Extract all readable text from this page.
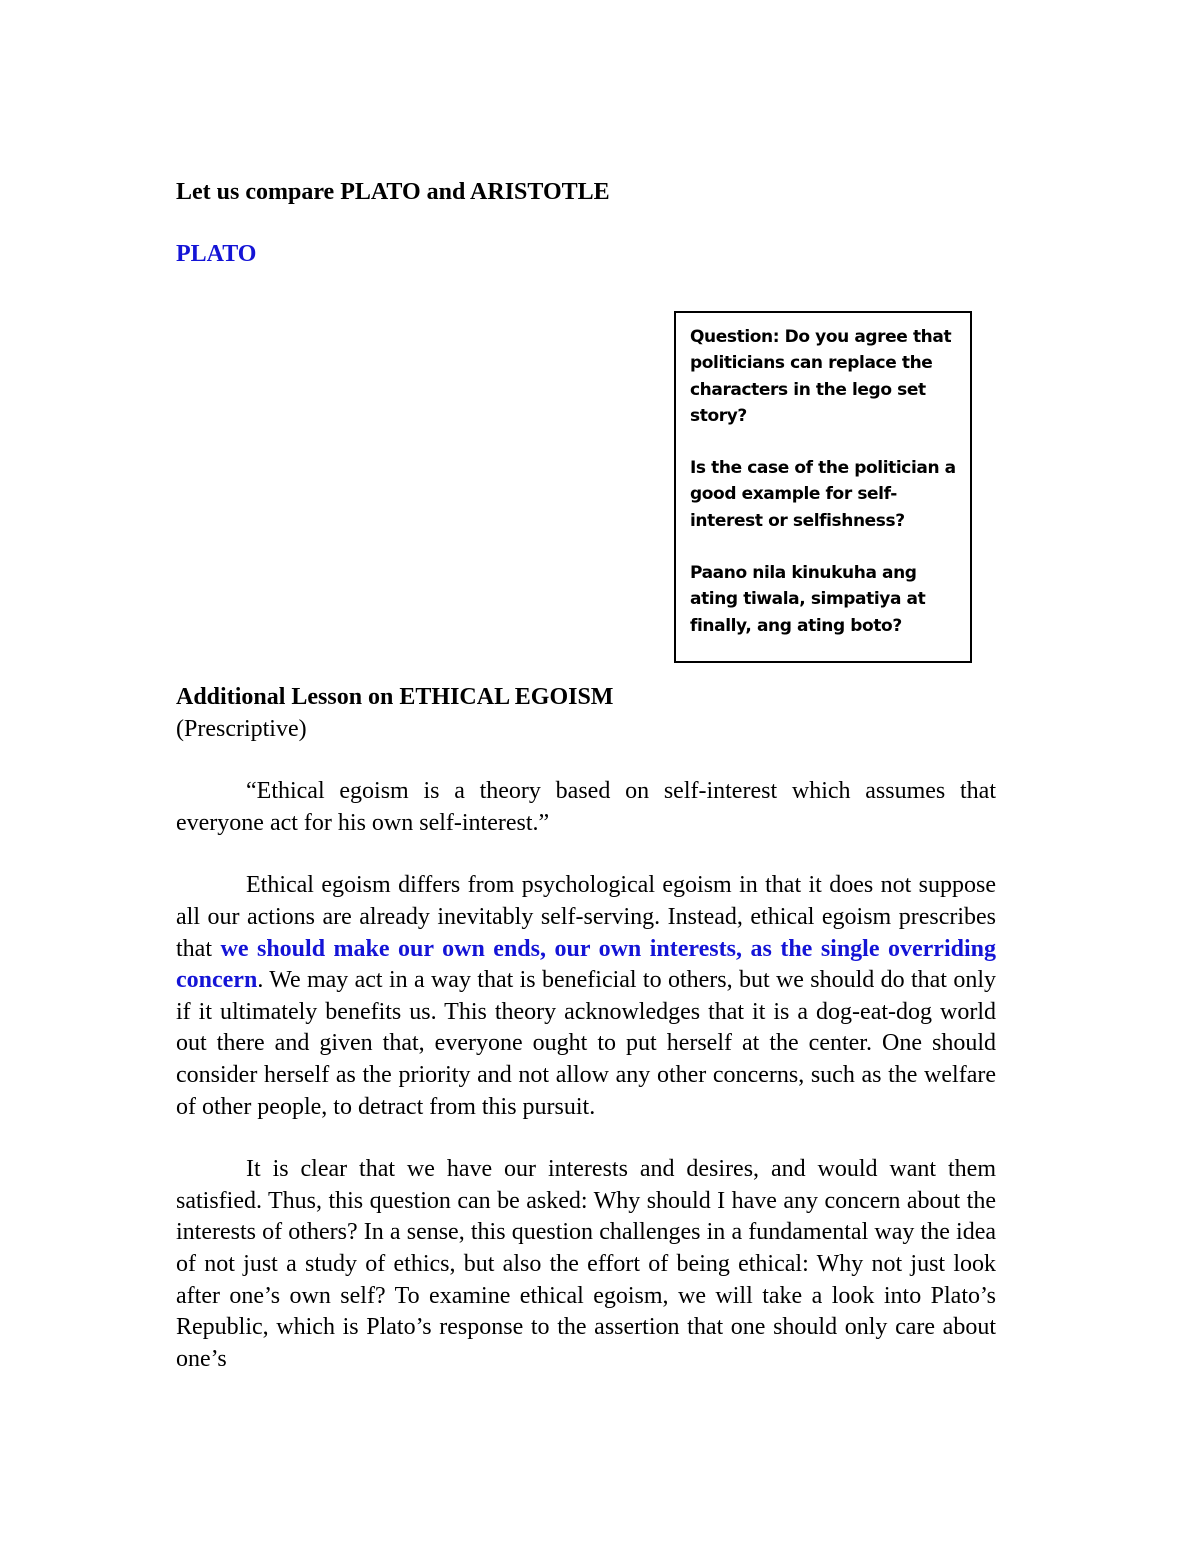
Let us compare PLATO and ARISTOTLE

PLATO

Question: Do you agree that politicians can replace the characters in the lego set story?

Is the case of the politician a good example for self-interest or selfishness?

Paano nila kinukuha ang ating tiwala, simpatiya at finally, ang ating boto?

Additional Lesson on ETHICAL EGOISM

(Prescriptive)

“Ethical egoism is a theory based on self-interest which assumes that everyone act for his own self-interest.”

Ethical egoism differs from psychological egoism in that it does not suppose all our actions are already inevitably self-serving. Instead, ethical egoism prescribes that we should make our own ends, our own interests, as the single overriding concern. We may act in a way that is beneficial to others, but we should do that only if it ultimately benefits us. This theory acknowledges that it is a dog-eat-dog world out there and given that, everyone ought to put herself at the center. One should consider herself as the priority and not allow any other concerns, such as the welfare of other people, to detract from this pursuit.

It is clear that we have our interests and desires, and would want them satisfied. Thus, this question can be asked: Why should I have any concern about the interests of others? In a sense, this question challenges in a fundamental way the idea of not just a study of ethics, but also the effort of being ethical: Why not just look after one’s own self? To examine ethical egoism, we will take a look into Plato’s Republic, which is Plato’s response to the assertion that one should only care about one’s
